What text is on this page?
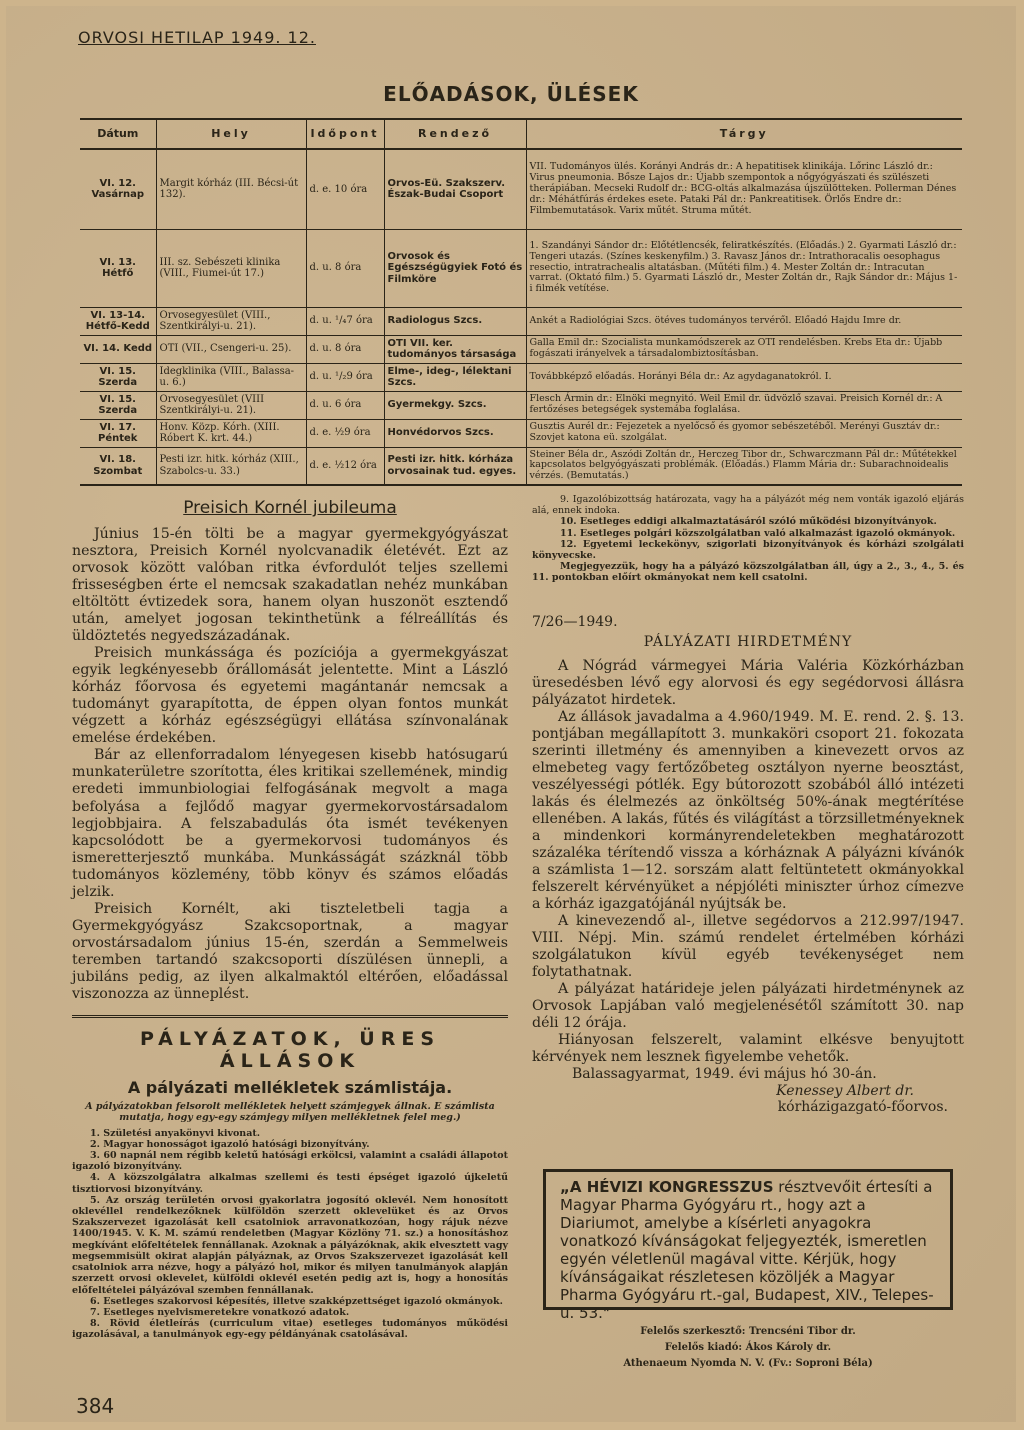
ORVOSI HETILAP 1949. 12.
ELŐADÁSOK, ÜLÉSEK
Dátum	Hely	Időpont	Rendező	Tárgy
VI. 12. Vasárnap	Margit kórház (III. Bécsi-út 132).	d. e. 10 óra	Orvos-Eü. Szakszerv. Észak-Budai Csoport	VII. Tudományos ülés. Korányi András dr.: A hepatitisek klinikája. Lőrinc László dr.: Virus pneumonia. Bősze Lajos dr.: Újabb szempontok a nőgyógyászati és szülészeti therápiában. Mecseki Rudolf dr.: BCG-oltás alkalmazása újszülötteken. Pollerman Dénes dr.: Méhátfúrás érdekes esete. Pataki Pál dr.: Pankreatitisek. Örlős Endre dr.: Filmbemutatások. Varix műtét. Struma műtét.
VI. 13. Hétfő	III. sz. Sebészeti klinika (VIII., Fiumei-út 17.)	d. u. 8 óra	Orvosok és Egészségügyiek Fotó és Filmköre	1. Szandányi Sándor dr.: Előtétlencsék, feliratkészítés. (Előadás.) 2. Gyarmati László dr.: Tengeri utazás. (Színes keskenyfilm.) 3. Ravasz János dr.: Intrathoracalis oesophagus resectio, intratrachealis altatásban. (Műtéti film.) 4. Mester Zoltán dr.: Intracutan varrat. (Oktató film.) 5. Gyarmati László dr., Mester Zoltán dr., Rajk Sándor dr.: Május 1-i filmék vetítése.
VI. 13-14. Hétfő-Kedd	Orvosegyesület (VIII., Szentkirályi-u. 21).	d. u. ¹/₄7 óra	Radiologus Szcs.	Ankét a Radiológiai Szcs. ötéves tudományos tervéről. Előadó Hajdu Imre dr.
VI. 14. Kedd	OTI (VII., Csengeri-u. 25).	d. u. 8 óra	OTI VII. ker. tudományos társasága	Galla Emil dr.: Szocialista munkamódszerek az OTI rendelésben. Krebs Eta dr.: Újabb fogászati irányelvek a társadalombiztosításban.
VI. 15. Szerda	Idegklinika (VIII., Balassa-u. 6.)	d. u. ¹/₂9 óra	Elme-, ideg-, lélektani Szcs.	Továbbképző előadás. Horányi Béla dr.: Az agydaganatokról. I.
VI. 15. Szerda	Orvosegyesület (VIII Szentkirályi-u. 21).	d. u. 6 óra	Gyermekgy. Szcs.	Flesch Ármin dr.: Elnöki megnyitó. Weil Emil dr. üdvözlő szavai. Preisich Kornél dr.: A fertőzéses betegségek systemába foglalása.
VI. 17. Péntek	Honv. Közp. Kórh. (XIII. Róbert K. krt. 44.)	d. e. ½9 óra	Honvédorvos Szcs.	Gusztis Aurél dr.: Fejezetek a nyelőcső és gyomor sebészetéből. Merényi Gusztáv dr.: Szovjet katona eü. szolgálat.
VI. 18. Szombat	Pesti izr. hitk. kórház (XIII., Szabolcs-u. 33.)	d. e. ½12 óra	Pesti izr. hitk. kórháza orvosainak tud. egyes.	Steiner Béla dr., Aszódi Zoltán dr., Herczeg Tibor dr., Schwarczmann Pál dr.: Műtétekkel kapcsolatos belgyógyászati problémák. (Előadás.) Flamm Mária dr.: Subarachnoidealis vérzés. (Bemutatás.)
Preisich Kornél jubileuma

Június 15-én tölti be a magyar gyermekgyógyászat nesztora, Preisich Kornél nyolcvanadik életévét. Ezt az orvosok között valóban ritka évfordulót teljes szellemi frisseségben érte el nemcsak szakadatlan nehéz munkában eltöltött évtizedek sora, hanem olyan huszonöt esztendő után, amelyet jogosan tekinthetünk a félreállítás és üldöztetés negyedszázadának.

Preisich munkássága és pozíciója a gyermekgyászat egyik legkényesebb őrállomását jelentette. Mint a László kórház főorvosa és egyetemi magántanár nemcsak a tudományt gyarapította, de éppen olyan fontos munkát végzett a kórház egészségügyi ellátása színvonalának emelése érdekében.

Bár az ellenforradalom lényegesen kisebb hatósugarú munkaterületre szorította, éles kritikai szellemének, mindig eredeti immunbiologiai felfogásának megvolt a maga befolyása a fejlődő magyar gyermekorvostársadalom legjobbjaira. A felszabadulás óta ismét tevékenyen kapcsolódott be a gyermekorvosi tudományos és ismeretterjesztő munkába. Munkásságát százknál több tudományos közlemény, több könyv és számos előadás jelzik.

Preisich Kornélt, aki tiszteletbeli tagja a Gyermekgyógyász Szakcsoportnak, a magyar orvostársadalom június 15-én, szerdán a Semmelweis teremben tartandó szakcsoporti díszülésen ünnepli, a jubiláns pedig, az ilyen alkalmaktól eltérően, előadással viszonozza az ünneplést.

PÁLYÁZATOK, ÜRES ÁLLÁSOK
A pályázati mellékletek számlistája.
A pályázatokban felsorolt mellékletek helyett számjegyek állnak. E számlista mutatja, hogy egy-egy számjegy milyen mellékletnek felel meg.)

1. Születési anyakönyvi kivonat.

2. Magyar honosságot igazoló hatósági bizonyítvány.

3. 60 napnál nem régibb keletű hatósági erkölcsi, valamint a családi állapotot igazoló bizonyítvány.

4. A közszolgálatra alkalmas szellemi és testi épséget igazoló újkeletű tisztiorvosi bizonyítvány.

5. Az ország területén orvosi gyakorlatra jogosító oklevél. Nem honosított oklevéllel rendelkezőknek külföldön szerzett oklevelüket és az Orvos Szakszervezet igazolását kell csatolniok arravonatkozóan, hogy rájuk nézve 1400/1945. V. K. M. számú rendeletben (Magyar Közlöny 71. sz.) a honosításhoz megkívánt előfeltételek fennállanak. Azoknak a pályázóknak, akik elvesztett vagy megsemmisült okirat alapján pályáznak, az Orvos Szakszervezet igazolását kell csatolniok arra nézve, hogy a pályázó hol, mikor és milyen tanulmányok alapján szerzett orvosi oklevelet, külföldi oklevél esetén pedig azt is, hogy a honosítás előfeltételei pályázóval szemben fennállanak.

6. Esetleges szakorvosi képesítés, illetve szakképzettséget igazoló okmányok.

7. Esetleges nyelvismeretekre vonatkozó adatok.

8. Rövid életleírás (curriculum vitae) esetleges tudományos működési igazolásával, a tanulmányok egy-egy példányának csatolásával.

384

9. Igazolóbizottság határozata, vagy ha a pályázót még nem vonták igazoló eljárás alá, ennek indoka.

10. Esetleges eddigi alkalmaztatásáról szóló működési bizonyítványok.

11. Esetleges polgári közszolgálatban való alkalmazást igazoló okmányok.

12. Egyetemi leckekönyv, szigorlati bizonyítványok és kórházi szolgálati könyvecske.

Megjegyezzük, hogy ha a pályázó közszolgálatban áll, úgy a 2., 3., 4., 5. és 11. pontokban előírt okmányokat nem kell csatolni.

7/26—1949.
PÁLYÁZATI HIRDETMÉNY

A Nógrád vármegyei Mária Valéria Közkórházban üresedésben lévő egy alorvosi és egy segédorvosi állásra pályázatot hirdetek.

Az állások javadalma a 4.960/1949. M. E. rend. 2. §. 13. pontjában megállapított 3. munkaköri csoport 21. fokozata szerinti illetmény és amennyiben a kinevezett orvos az elmebeteg vagy fertőzőbeteg osztályon nyerne beosztást, veszélyességi pótlék. Egy bútorozott szobából álló intézeti lakás és élelmezés az önköltség 50%-ának megtérítése ellenében. A lakás, fűtés és világítást a törzsilletményeknek a mindenkori kormányrendeletekben meghatározott százaléka térítendő vissza a kórháznak A pályázni kívánók a számlista 1—12. sorszám alatt feltüntetett okmányokkal felszerelt kérvényüket a népjóléti miniszter úrhoz címezve a kórház igazgatójánál nyújtsák be.

A kinevezendő al-, illetve segédorvos a 212.997/1947. VIII. Népj. Min. számú rendelet értelmében kórházi szolgálatukon kívül egyéb tevékenységet nem folytathatnak.

A pályázat határideje jelen pályázati hirdetménynek az Orvosok Lapjában való megjelenésétől számított 30. nap déli 12 órája.

Hiányosan felszerelt, valamint elkésve benyujtott kérvények nem lesznek figyelembe vehetők.

Balassagyarmat, 1949. évi május hó 30-án.

Kenessey Albert dr.

kórházigazgató-főorvos.

„A HÉVIZI KONGRESSZUS résztvevőit értesíti a Magyar Pharma Gyógyáru rt., hogy azt a Diariumot, amelybe a kísérleti anyagokra vonatkozó kívánságokat feljegyezték, ismeretlen egyén véletlenül magával vitte. Kérjük, hogy kívánságaikat részletesen közöljék a Magyar Pharma Gyógyáru rt.-gal, Budapest, XIV., Telepes-u. 53."
Felelős szerkesztő: Trencséni Tibor dr.
Felelős kiadó: Ákos Károly dr.
Athenaeum Nyomda N. V. (Fv.: Soproni Béla)
